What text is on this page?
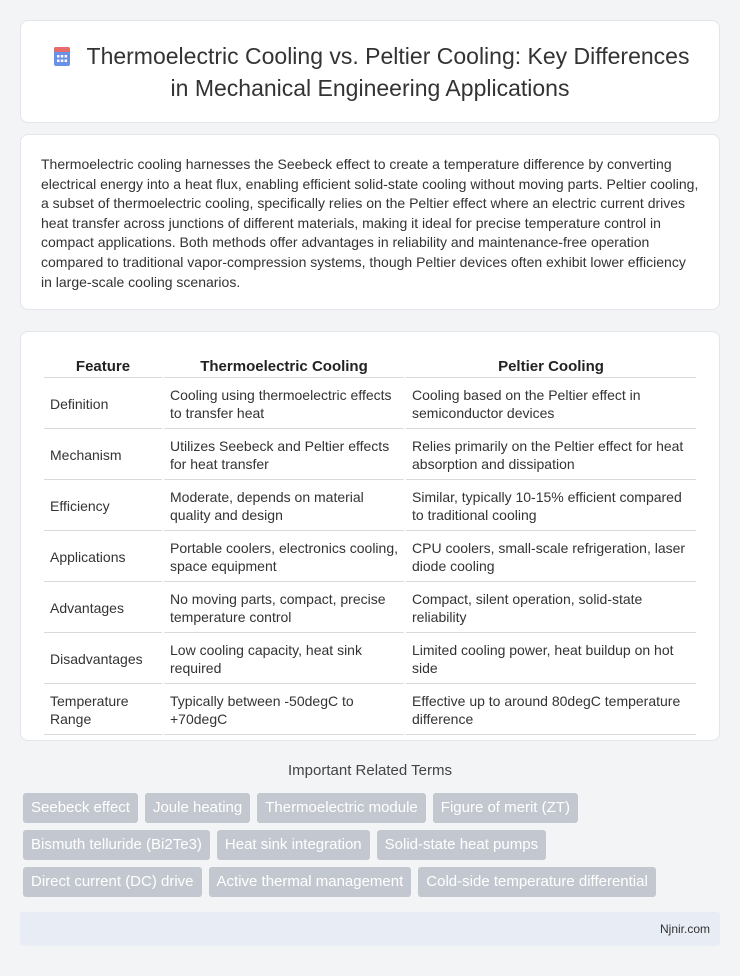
Thermoelectric Cooling vs. Peltier Cooling: Key Differences in Mechanical Engineering Applications

Thermoelectric cooling harnesses the Seebeck effect to create a temperature difference by converting electrical energy into a heat flux, enabling efficient solid-state cooling without moving parts. Peltier cooling, a subset of thermoelectric cooling, specifically relies on the Peltier effect where an electric current drives heat transfer across junctions of different materials, making it ideal for precise temperature control in compact applications. Both methods offer advantages in reliability and maintenance-free operation compared to traditional vapor-compression systems, though Peltier devices often exhibit lower efficiency in large-scale cooling scenarios.

Feature	Thermoelectric Cooling	Peltier Cooling
Definition	Cooling using thermoelectric effects to transfer heat	Cooling based on the Peltier effect in semiconductor devices
Mechanism	Utilizes Seebeck and Peltier effects for heat transfer	Relies primarily on the Peltier effect for heat absorption and dissipation
Efficiency	Moderate, depends on material quality and design	Similar, typically 10-15% efficient compared to traditional cooling
Applications	Portable coolers, electronics cooling, space equipment	CPU coolers, small-scale refrigeration, laser diode cooling
Advantages	No moving parts, compact, precise temperature control	Compact, silent operation, solid-state reliability
Disadvantages	Low cooling capacity, heat sink required	Limited cooling power, heat buildup on hot side
Temperature Range	Typically between -50degC to +70degC	Effective up to around 80degC temperature difference
Important Related Terms
Seebeck effect	Joule heating	Thermoelectric module	Figure of merit (ZT)
Bismuth telluride (Bi2Te3)	Heat sink integration	Solid-state heat pumps
Direct current (DC) drive	Active thermal management	Cold-side temperature differential
Njnir.com
